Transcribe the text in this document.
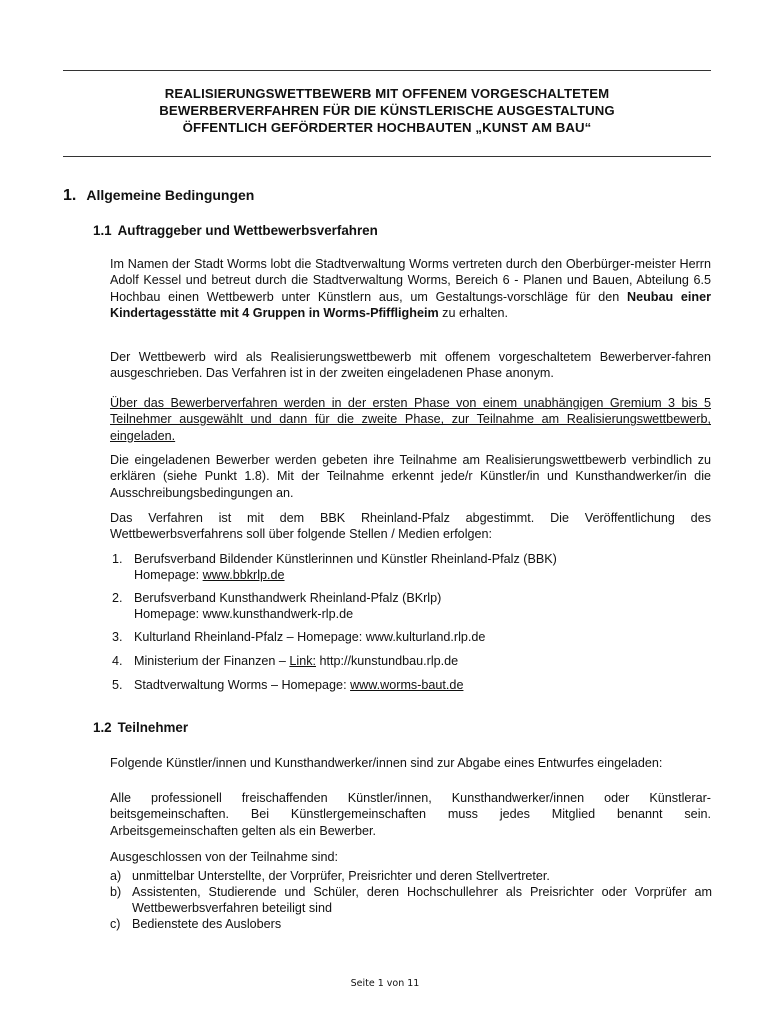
REALISIERUNGSWETTBEWERB MIT OFFENEM VORGESCHALTETEM
BEWERBERVERFAHREN FÜR DIE KÜNSTLERISCHE AUSGESTALTUNG
ÖFFENTLICH GEFÖRDERTER HOCHBAUTEN „KUNST AM BAU“
1. Allgemeine Bedingungen
1.1 Auftraggeber und Wettbewerbsverfahren
Im Namen der Stadt Worms lobt die Stadtverwaltung Worms vertreten durch den Oberbürger-meister Herrn Adolf Kessel und betreut durch die Stadtverwaltung Worms, Bereich 6 - Planen und Bauen, Abteilung 6.5 Hochbau einen Wettbewerb unter Künstlern aus, um Gestaltungs-vorschläge für den Neubau einer Kindertagesstätte mit 4 Gruppen in Worms-Pfiffligheim zu erhalten.
Der Wettbewerb wird als Realisierungswettbewerb mit offenem vorgeschaltetem Bewerberver-fahren ausgeschrieben. Das Verfahren ist in der zweiten eingeladenen Phase anonym.
Über das Bewerberverfahren werden in der ersten Phase von einem unabhängigen Gremium 3 bis 5 Teilnehmer ausgewählt und dann für die zweite Phase, zur Teilnahme am Realisierungswettbewerb, eingeladen.
Die eingeladenen Bewerber werden gebeten ihre Teilnahme am Realisierungswettbewerb verbindlich zu erklären (siehe Punkt 1.8). Mit der Teilnahme erkennt jede/r Künstler/in und Kunsthandwerker/in die Ausschreibungsbedingungen an.
Das Verfahren ist mit dem BBK Rheinland-Pfalz abgestimmt. Die Veröffentlichung des Wettbewerbsverfahrens soll über folgende Stellen / Medien erfolgen:
1. Berufsverband Bildender Künstlerinnen und Künstler Rheinland-Pfalz (BBK)
Homepage: www.bbkrlp.de
2. Berufsverband Kunsthandwerk Rheinland-Pfalz (BKrlp)
Homepage: www.kunsthandwerk-rlp.de
3. Kulturland Rheinland-Pfalz – Homepage: www.kulturland.rlp.de
4. Ministerium der Finanzen – Link: http://kunstundbau.rlp.de
5. Stadtverwaltung Worms – Homepage: www.worms-baut.de
1.2 Teilnehmer
Folgende Künstler/innen und Kunsthandwerker/innen sind zur Abgabe eines Entwurfes eingeladen:
Alle professionell freischaffenden Künstler/innen, Kunsthandwerker/innen oder Künstlerar-beitsgemeinschaften. Bei Künstlergemeinschaften muss jedes Mitglied benannt sein. Arbeitsgemeinschaften gelten als ein Bewerber.
Ausgeschlossen von der Teilnahme sind:
a) unmittelbar Unterstellte, der Vorprüfer, Preisrichter und deren Stellvertreter.
b) Assistenten, Studierende und Schüler, deren Hochschullehrer als Preisrichter oder Vorprüfer am Wettbewerbsverfahren beteiligt sind
c) Bedienstete des Auslobers
Seite 1 von 11
